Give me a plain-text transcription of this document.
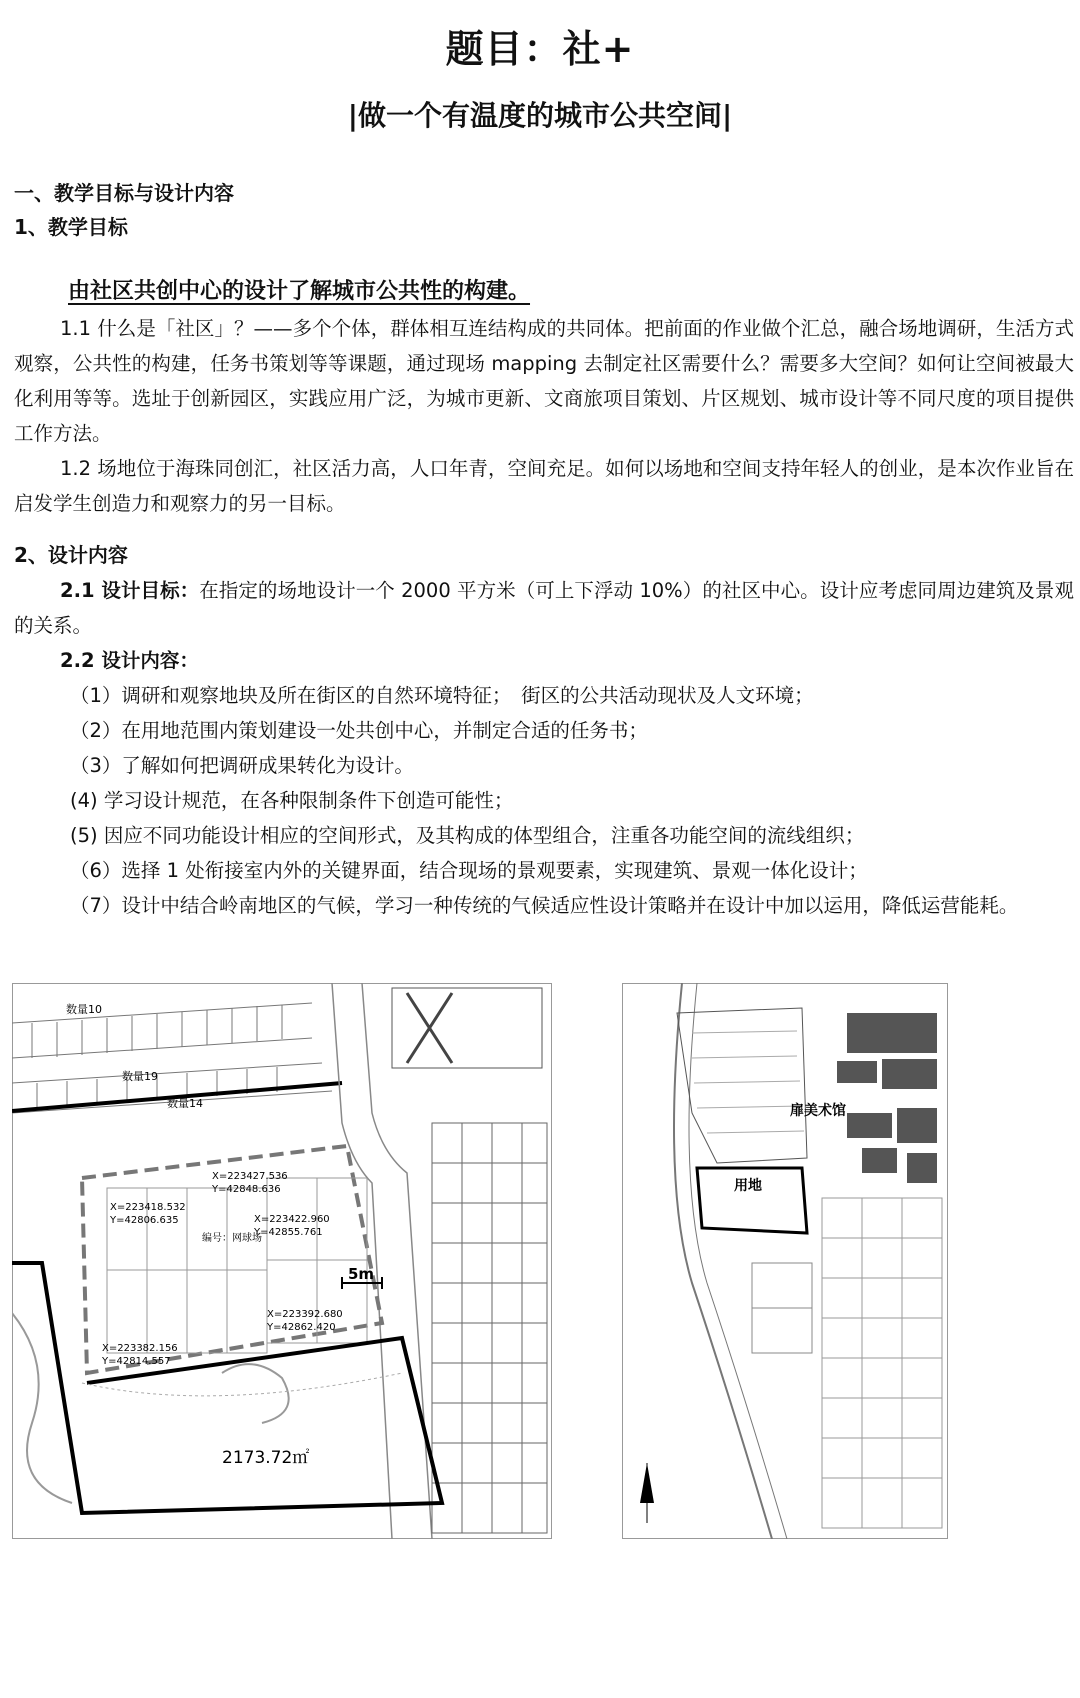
题目：社+
|做一个有温度的城市公共空间|
一、教学目标与设计内容
1、教学目标
由社区共创中心的设计了解城市公共性的构建。
1.1 什么是「社区」？——多个个体，群体相互连结构成的共同体。把前面的作业做个汇总，融合场地调研，生活方式观察，公共性的构建，任务书策划等等课题，通过现场 mapping 去制定社区需要什么？需要多大空间？如何让空间被最大化利用等等。选址于创新园区，实践应用广泛，为城市更新、文商旅项目策划、片区规划、城市设计等不同尺度的项目提供工作方法。
1.2 场地位于海珠同创汇，社区活力高，人口年青，空间充足。如何以场地和空间支持年轻人的创业，是本次作业旨在启发学生创造力和观察力的另一目标。
2、设计内容
2.1 设计目标：在指定的场地设计一个 2000 平方米（可上下浮动 10%）的社区中心。设计应考虑同周边建筑及景观的关系。
2.2 设计内容：
（1）调研和观察地块及所在街区的自然环境特征；　街区的公共活动现状及人文环境；
（2）在用地范围内策划建设一处共创中心，并制定合适的任务书；
（3）了解如何把调研成果转化为设计。
(4) 学习设计规范，在各种限制条件下创造可能性；
(5) 因应不同功能设计相应的空间形式，及其构成的体型组合，注重各功能空间的流线组织；
（6）选择 1 处衔接室内外的关键界面，结合现场的景观要素，实现建筑、景观一体化设计；
（7）设计中结合岭南地区的气候，学习一种传统的气候适应性设计策略并在设计中加以运用，降低运营能耗。
5m
数量10
数量19
数量14
编号：网球场
X=223427.536
Y=42848.636
X=223418.532
Y=42806.635	X=223422.960
Y=42855.761
X=223392.680
Y=42862.420
X=223382.156
Y=42814.557
2173.72㎡
扉美术馆
用地
